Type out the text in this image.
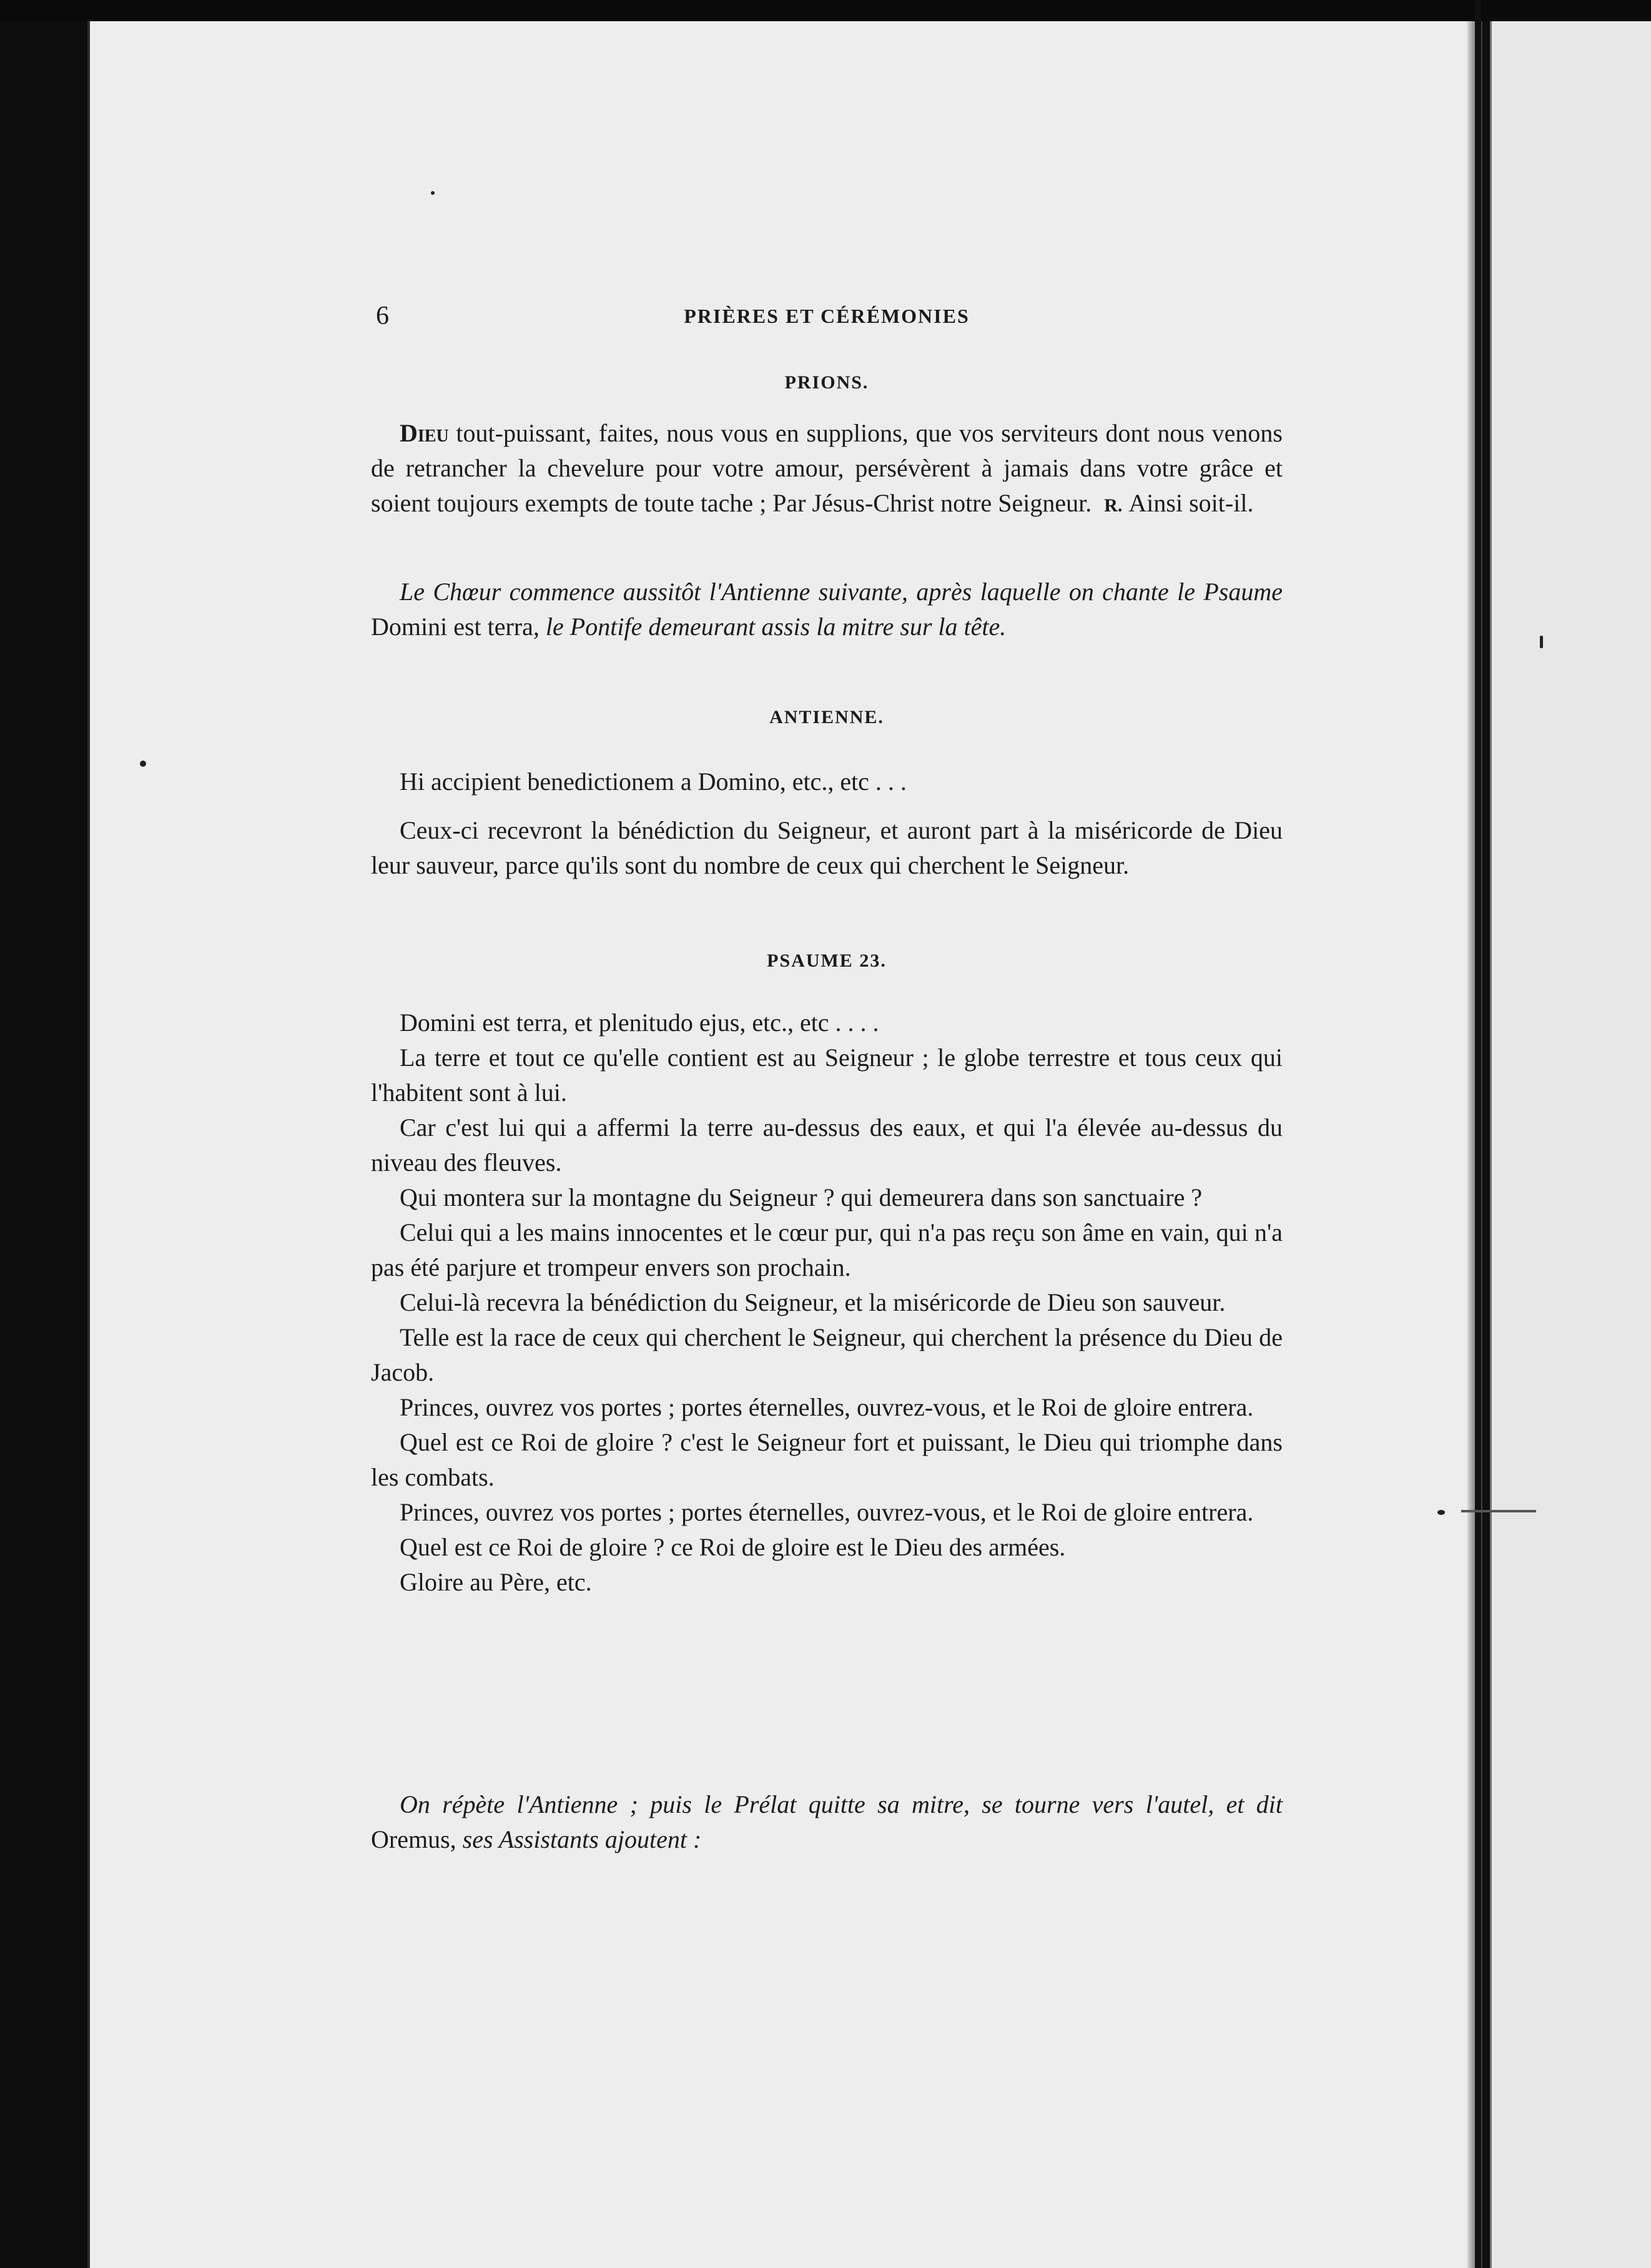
6	PRIÈRES ET CÉRÉMONIES
PRIONS.

Dieu tout-puissant, faites, nous vous en supplions, que vos serviteurs dont nous venons de retrancher la chevelure pour votre amour, persévèrent à jamais dans votre grâce et soient toujours exempts de toute tache ; Par Jésus-Christ notre Seigneur. R. Ainsi soit-il.

Le Chœur commence aussitôt l'Antienne suivante, après laquelle on chante le Psaume Domini est terra, le Pontife demeurant assis la mitre sur la tête.

ANTIENNE.

Hi accipient benedictionem a Domino, etc., etc . . .

Ceux-ci recevront la bénédiction du Seigneur, et auront part à la miséricorde de Dieu leur sauveur, parce qu'ils sont du nombre de ceux qui cherchent le Seigneur.

PSAUME 23.

Domini est terra, et plenitudo ejus, etc., etc . . . .

La terre et tout ce qu'elle contient est au Seigneur ; le globe terrestre et tous ceux qui l'habitent sont à lui.

Car c'est lui qui a affermi la terre au-dessus des eaux, et qui l'a élevée au-dessus du niveau des fleuves.

Qui montera sur la montagne du Seigneur ? qui demeurera dans son sanctuaire ?

Celui qui a les mains innocentes et le cœur pur, qui n'a pas reçu son âme en vain, qui n'a pas été parjure et trompeur envers son prochain.

Celui-là recevra la bénédiction du Seigneur, et la miséricorde de Dieu son sauveur.

Telle est la race de ceux qui cherchent le Seigneur, qui cherchent la présence du Dieu de Jacob.

Princes, ouvrez vos portes ; portes éternelles, ouvrez-vous, et le Roi de gloire entrera.

Quel est ce Roi de gloire ? c'est le Seigneur fort et puissant, le Dieu qui triomphe dans les combats.

Princes, ouvrez vos portes ; portes éternelles, ouvrez-vous, et le Roi de gloire entrera.

Quel est ce Roi de gloire ? ce Roi de gloire est le Dieu des armées.

Gloire au Père, etc.

On répète l'Antienne ; puis le Prélat quitte sa mitre, se tourne vers l'autel, et dit Oremus, ses Assistants ajoutent :
